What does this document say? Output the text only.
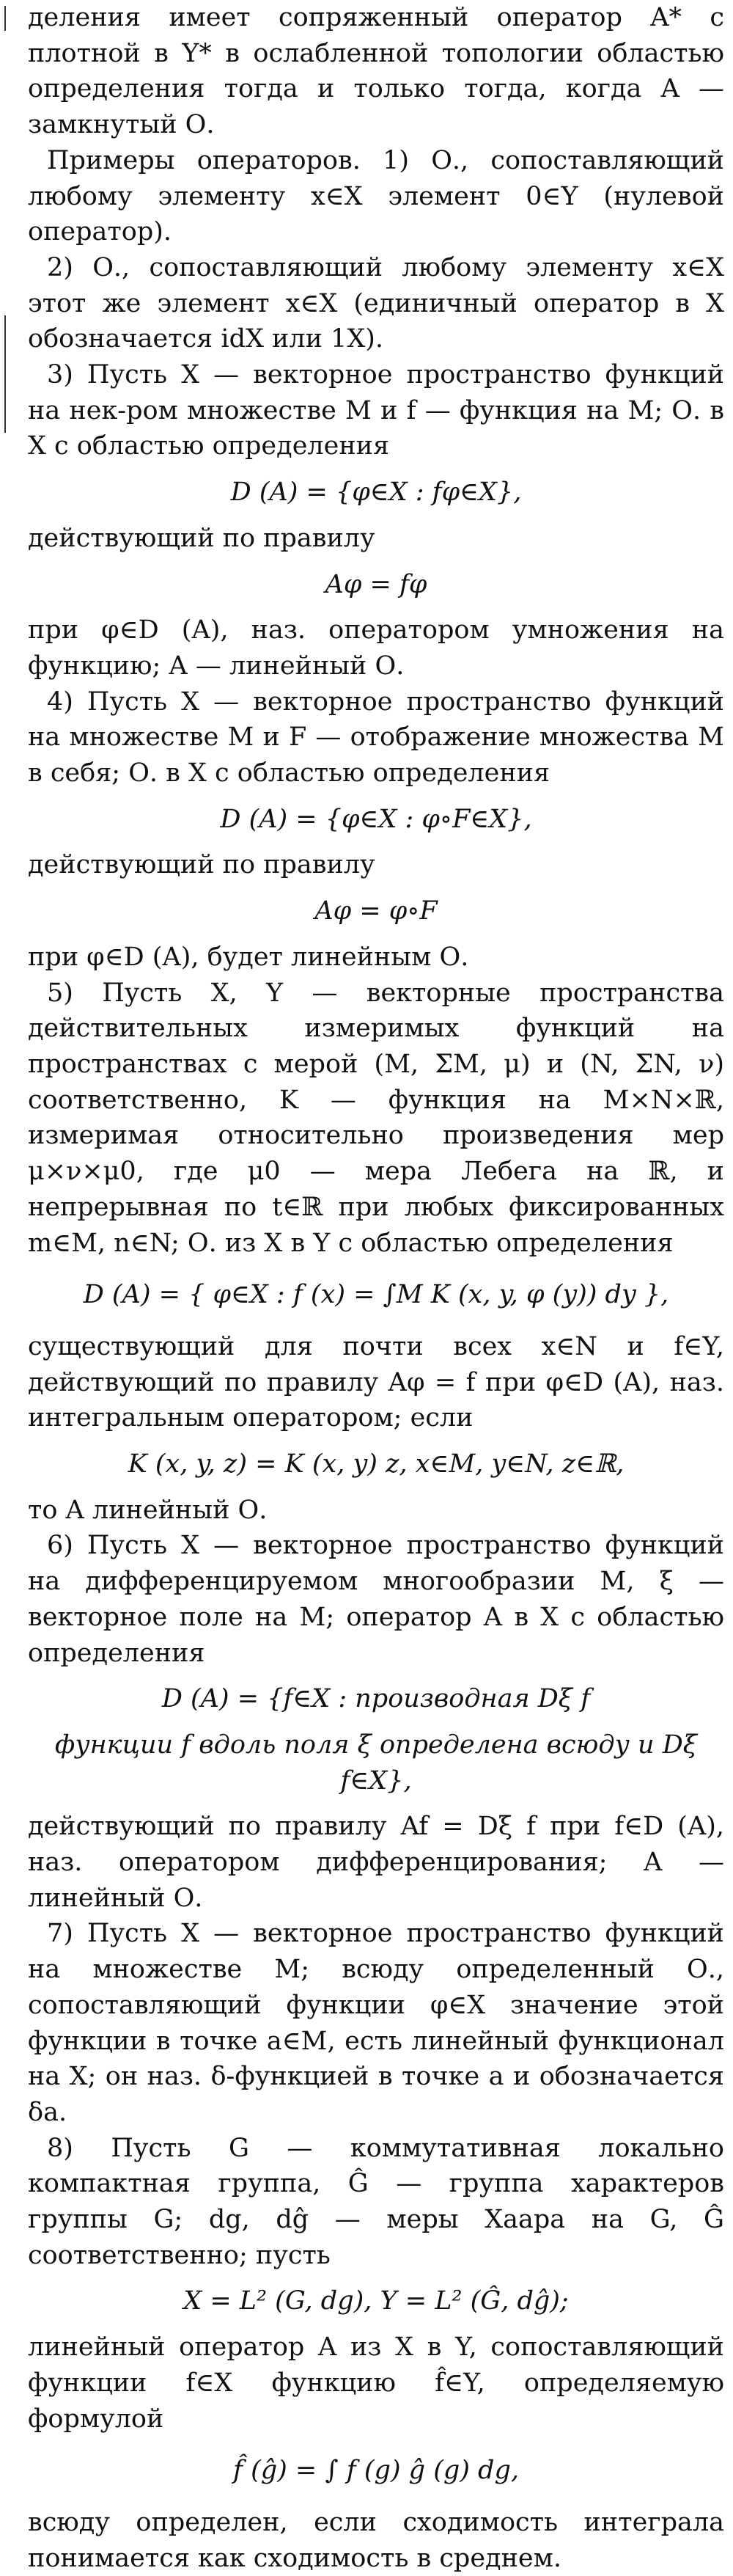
деления имеет сопряженный оператор A* с плотной в Y* в ослабленной топологии областью определения тогда и только тогда, когда A — замкнутый О.

Примеры операторов. 1) О., сопоставляющий любому элементу x∈X элемент 0∈Y (нулевой оператор).

2) О., сопоставляющий любому элементу x∈X этот же элемент x∈X (единичный оператор в X обозначается idX или 1X).

3) Пусть X — векторное пространство функций на нек-ром множестве M и f — функция на M; О. в X с областью определения

D (A) = {φ∈X : fφ∈X},

действующий по правилу

Aφ = fφ

при φ∈D (A), наз. оператором умножения на функцию; A — линейный О.

4) Пусть X — векторное пространство функций на множестве M и F — отображение множества M в себя; О. в X с областью определения

D (A) = {φ∈X : φ∘F∈X},

действующий по правилу

Aφ = φ∘F

при φ∈D (A), будет линейным О.

5) Пусть X, Y — векторные пространства действительных измеримых функций на пространствах с мерой (M, ΣM, μ) и (N, ΣN, ν) соответственно, K — функция на M×N×ℝ, измеримая относительно произведения мер μ×ν×μ0, где μ0 — мера Лебега на ℝ, и непрерывная по t∈ℝ при любых фиксированных m∈M, n∈N; О. из X в Y с областью определения

D (A) = { φ∈X : f (x) = ∫M K (x, y, φ (y)) dy },

существующий для почти всех x∈N и f∈Y, действующий по правилу Aφ = f при φ∈D (A), наз. интегральным оператором; если

K (x, y, z) = K (x, y) z, x∈M, y∈N, z∈ℝ,

то A линейный О.

6) Пусть X — векторное пространство функций на дифференцируемом многообразии M, ξ — векторное поле на M; оператор A в X с областью определения

D (A) = {f∈X : производная Dξ f

функции f вдоль поля ξ определена всюду и Dξ f∈X},

действующий по правилу Af = Dξ f при f∈D (A), наз. оператором дифференцирования; A — линейный О.

7) Пусть X — векторное пространство функций на множестве M; всюду определенный О., сопоставляющий функции φ∈X значение этой функции в точке a∈M, есть линейный функционал на X; он наз. δ-функцией в точке a и обозначается δa.

8) Пусть G — коммутативная локально компактная группа, Ĝ — группа характеров группы G; dg, dĝ — меры Хаара на G, Ĝ соответственно; пусть

X = L² (G, dg), Y = L² (Ĝ, dĝ);

линейный оператор A из X в Y, сопоставляющий функции f∈X функцию f̂∈Y, определяемую формулой

f̂ (ĝ) = ∫ f (g) ĝ (g) dg,

всюду определен, если сходимость интеграла понимается как сходимость в среднем.
